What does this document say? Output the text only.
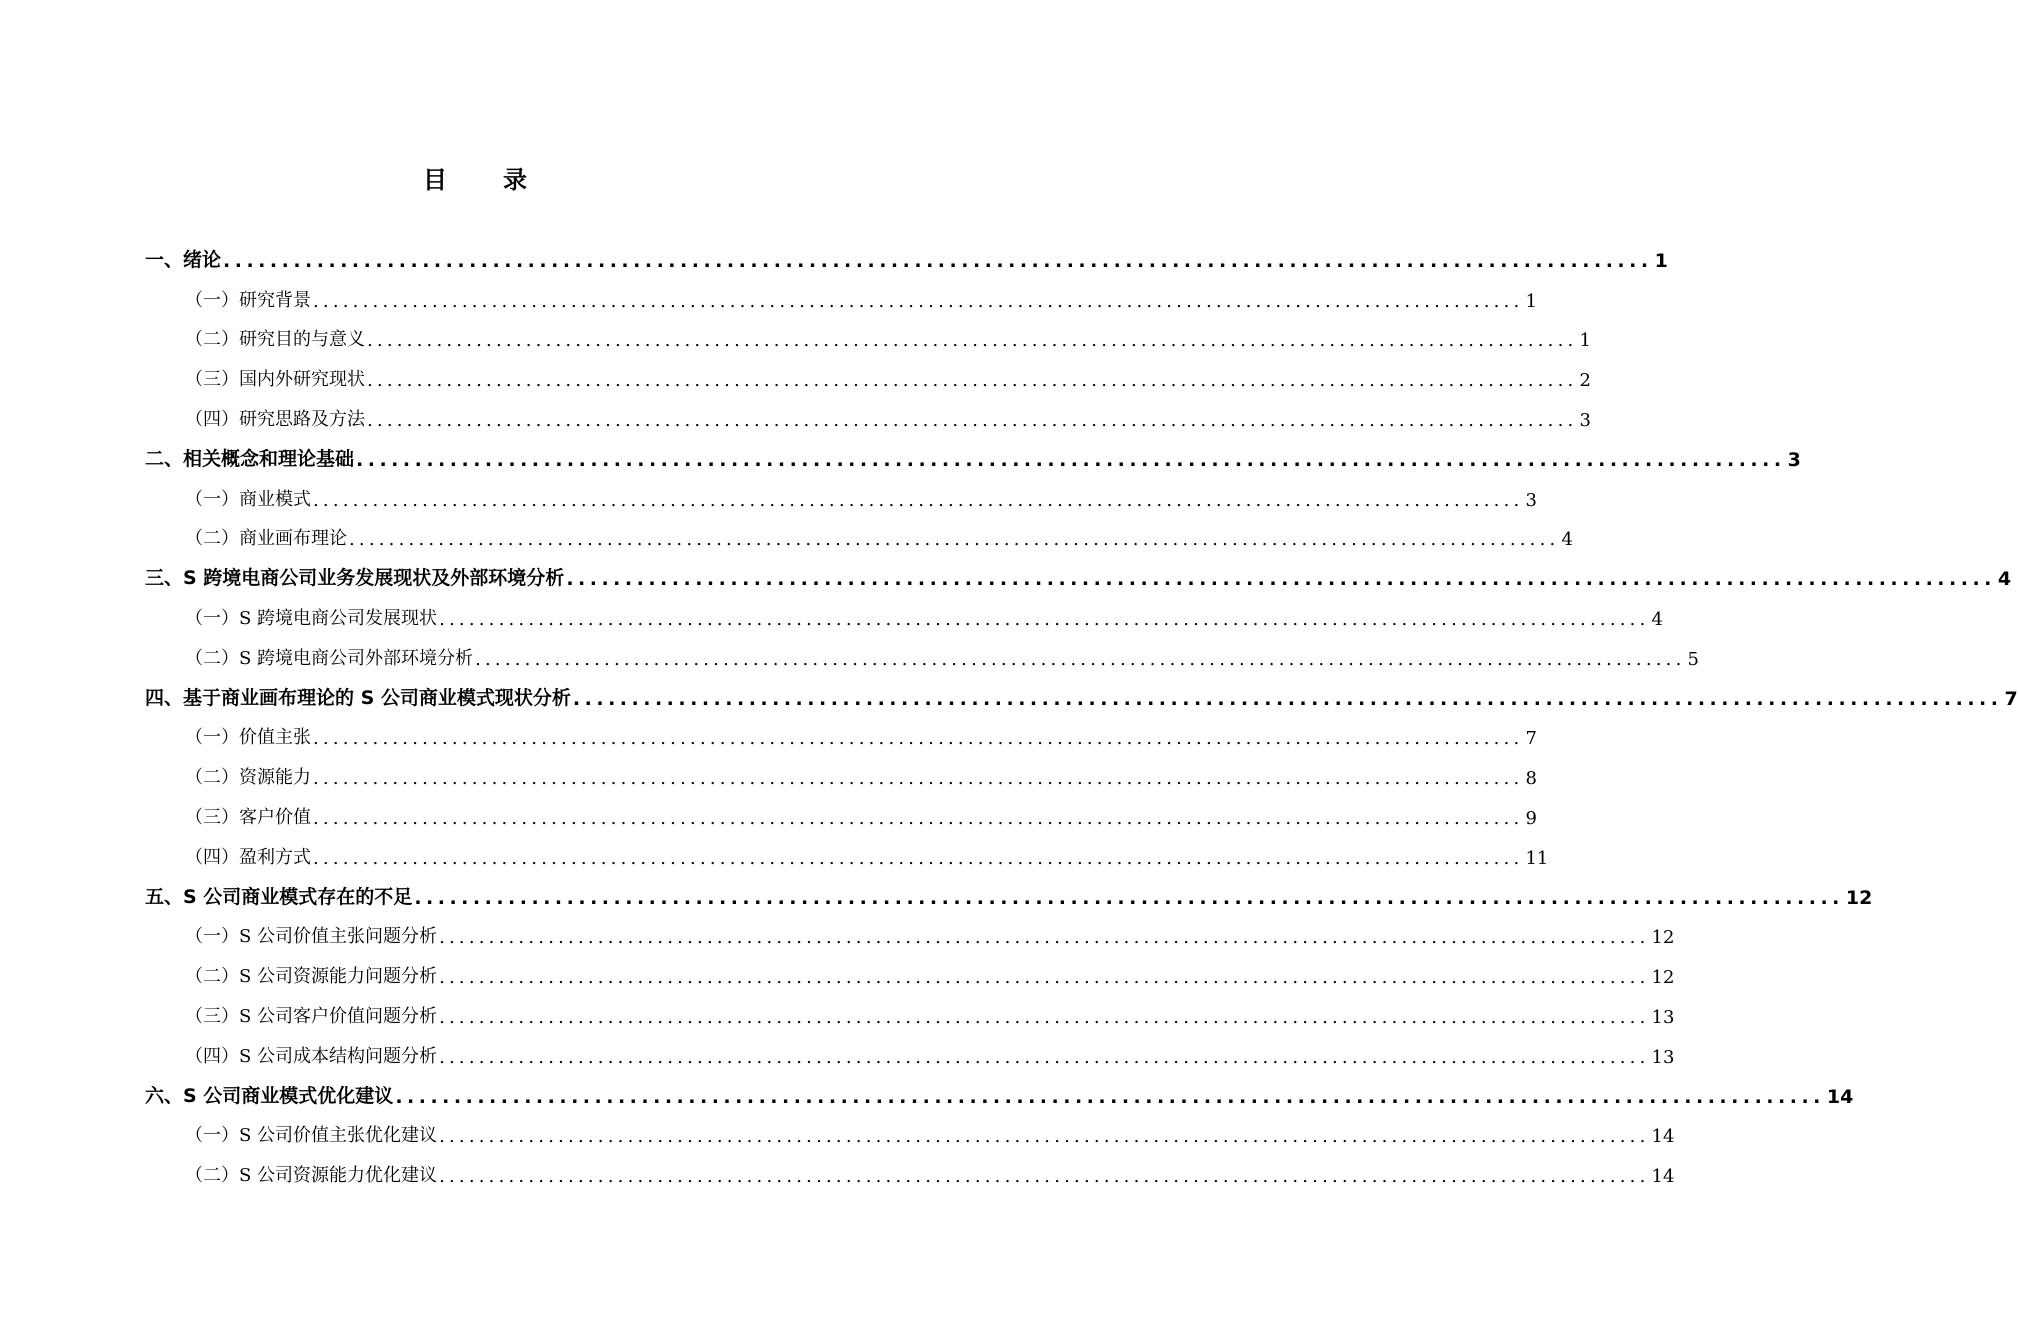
目 录
一、绪论 .......................................................................................................................... 1
（一）研究背景 .......................................................................................................................... 1
（二）研究目的与意义 .......................................................................................................................... 1
（三）国内外研究现状 .......................................................................................................................... 2
（四）研究思路及方法 .......................................................................................................................... 3
二、相关概念和理论基础 .......................................................................................................................... 3
（一）商业模式 .......................................................................................................................... 3
（二）商业画布理论 .......................................................................................................................... 4
三、S 跨境电商公司业务发展现状及外部环境分析 .......................................................................................................................... 4
（一）S 跨境电商公司发展现状 .......................................................................................................................... 4
（二）S 跨境电商公司外部环境分析 .......................................................................................................................... 5
四、基于商业画布理论的 S 公司商业模式现状分析 .......................................................................................................................... 7
（一）价值主张 .......................................................................................................................... 7
（二）资源能力 .......................................................................................................................... 8
（三）客户价值 .......................................................................................................................... 9
（四）盈利方式 .......................................................................................................................... 11
五、S 公司商业模式存在的不足 .......................................................................................................................... 12
（一）S 公司价值主张问题分析 .......................................................................................................................... 12
（二）S 公司资源能力问题分析 .......................................................................................................................... 12
（三）S 公司客户价值问题分析 .......................................................................................................................... 13
（四）S 公司成本结构问题分析 .......................................................................................................................... 13
六、S 公司商业模式优化建议 .......................................................................................................................... 14
（一）S 公司价值主张优化建议 .......................................................................................................................... 14
（二）S 公司资源能力优化建议 .......................................................................................................................... 14
